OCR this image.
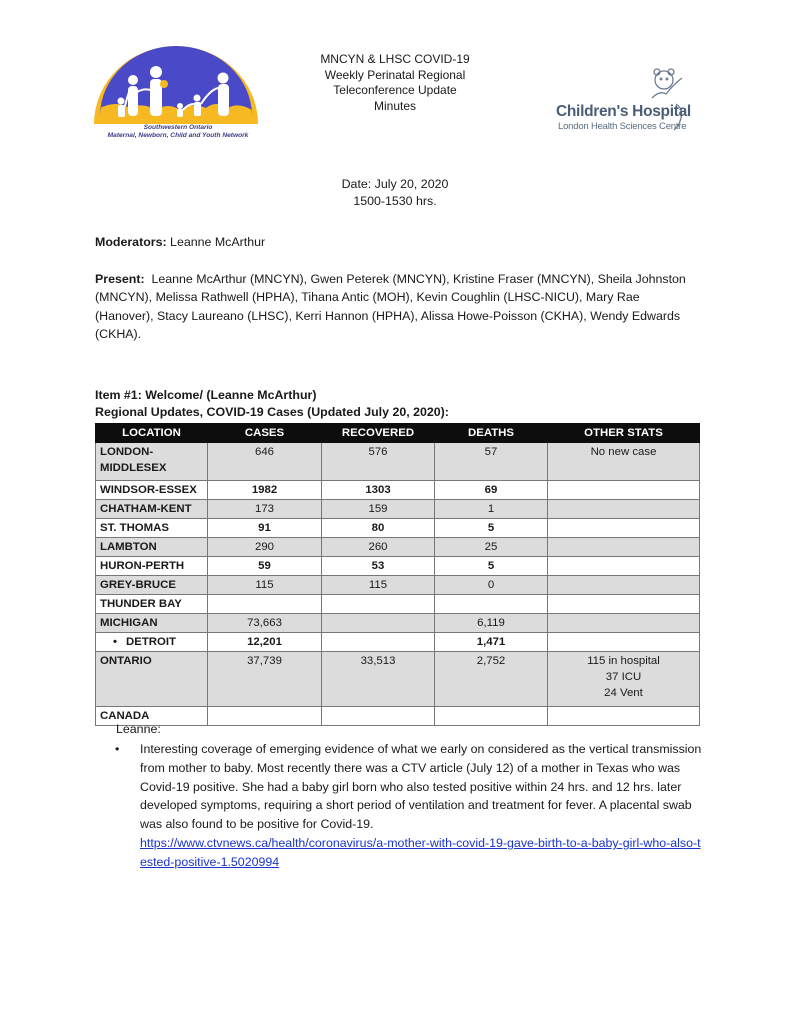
Southwestern Ontario
Maternal, Newborn, Child and Youth Network
MNCYN & LHSC COVID-19
Weekly Perinatal Regional
Teleconference Update
Minutes	Children's Hospital
London Health Sciences Centre
Date: July 20, 2020
1500-1530 hrs.
Moderators: Leanne McArthur
Present:  Leanne McArthur (MNCYN), Gwen Peterek (MNCYN), Kristine Fraser (MNCYN), Sheila Johnston (MNCYN), Melissa Rathwell (HPHA), Tihana Antic (MOH), Kevin Coughlin (LHSC-NICU), Mary Rae (Hanover), Stacy Laureano (LHSC), Kerri Hannon (HPHA), Alissa Howe-Poisson (CKHA), Wendy Edwards (CKHA).
Item #1: Welcome/ (Leanne McArthur)
Regional Updates, COVID-19 Cases (Updated July 20, 2020):
LOCATION	CASES	RECOVERED	DEATHS	OTHER STATS
LONDON-MIDDLESEX	646	576	57	No new case
WINDSOR-ESSEX	1982	1303	69	
CHATHAM-KENT	173	159	1	
ST. THOMAS	91	80	5	
LAMBTON	290	260	25	
HURON-PERTH	59	53	5	
GREY-BRUCE	115	115	0	
THUNDER BAY				
MICHIGAN	73,663		6,119	
• DETROIT	12,201		1,471	
ONTARIO	37,739	33,513	2,752	115 in hospital
37 ICU
24 Vent

CANADA				
Leanne:
• Interesting coverage of emerging evidence of what we early on considered as the vertical transmission from mother to baby. Most recently there was a CTV article (July 12) of a mother in Texas who was Covid-19 positive. She had a baby girl born who also tested positive within 24 hrs. and 12 hrs. later developed symptoms, requiring a short period of ventilation and treatment for fever. A placental swab was also found to be positive for Covid-19.
https://www.ctvnews.ca/health/coronavirus/a-mother-with-covid-19-gave-birth-to-a-baby-girl-who-also-tested-positive-1.5020994
